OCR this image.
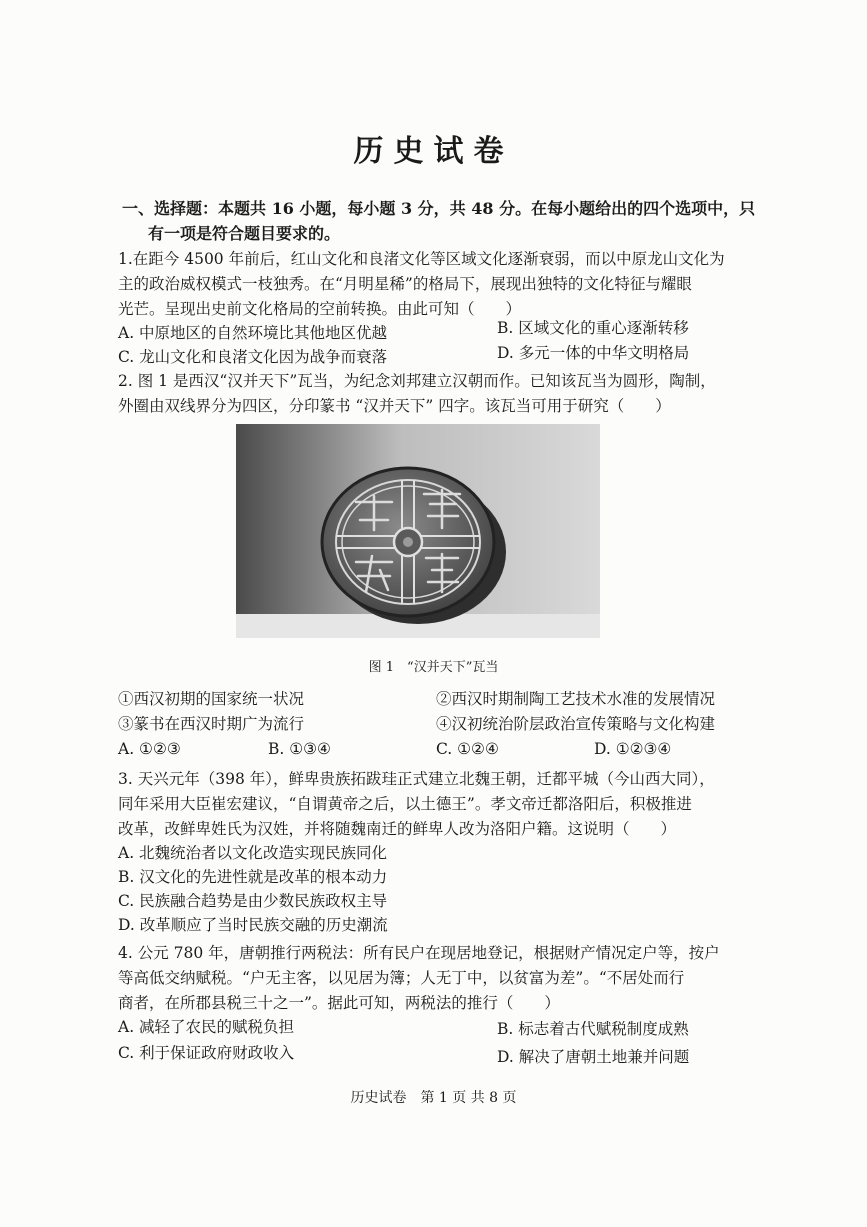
历史试卷
一、选择题：本题共 16 小题，每小题 3 分，共 48 分。在每小题给出的四个选项中，只
有一项是符合题目要求的。
1.在距今 4500 年前后，红山文化和良渚文化等区域文化逐渐衰弱，而以中原龙山文化为
主的政治威权模式一枝独秀。在“月明星稀”的格局下，展现出独特的文化特征与耀眼
光芒。呈现出史前文化格局的空前转换。由此可知（　　）
A. 中原地区的自然环境比其他地区优越	B. 区域文化的重心逐渐转移
C. 龙山文化和良渚文化因为战争而衰落	D. 多元一体的中华文明格局
2. 图 1 是西汉“汉并天下”瓦当，为纪念刘邦建立汉朝而作。已知该瓦当为圆形，陶制，
外圈由双线界分为四区，分印篆书 “汉并天下” 四字。该瓦当可用于研究（　　）
图 1　“汉并天下”瓦当
①西汉初期的国家统一状况	②西汉时期制陶工艺技术水准的发展情况
③篆书在西汉时期广为流行	④汉初统治阶层政治宣传策略与文化构建
A. ①②③	B. ①③④	C. ①②④	D. ①②③④
3. 天兴元年（398 年），鲜卑贵族拓跋珪正式建立北魏王朝，迁都平城（今山西大同），
同年采用大臣崔宏建议，“自谓黄帝之后，以土德王”。孝文帝迁都洛阳后，积极推进
改革，改鲜卑姓氏为汉姓，并将随魏南迁的鲜卑人改为洛阳户籍。这说明（　　）
A. 北魏统治者以文化改造实现民族同化
B. 汉文化的先进性就是改革的根本动力
C. 民族融合趋势是由少数民族政权主导
D. 改革顺应了当时民族交融的历史潮流
4. 公元 780 年，唐朝推行两税法：所有民户在现居地登记，根据财产情况定户等，按户
等高低交纳赋税。“户无主客，以见居为簿；人无丁中，以贫富为差”。“不居处而行
商者，在所郡县税三十之一”。据此可知，两税法的推行（　　）
A. 减轻了农民的赋税负担	B. 标志着古代赋税制度成熟
C. 利于保证政府财政收入	D. 解决了唐朝土地兼并问题
历史试卷　第 1 页 共 8 页
